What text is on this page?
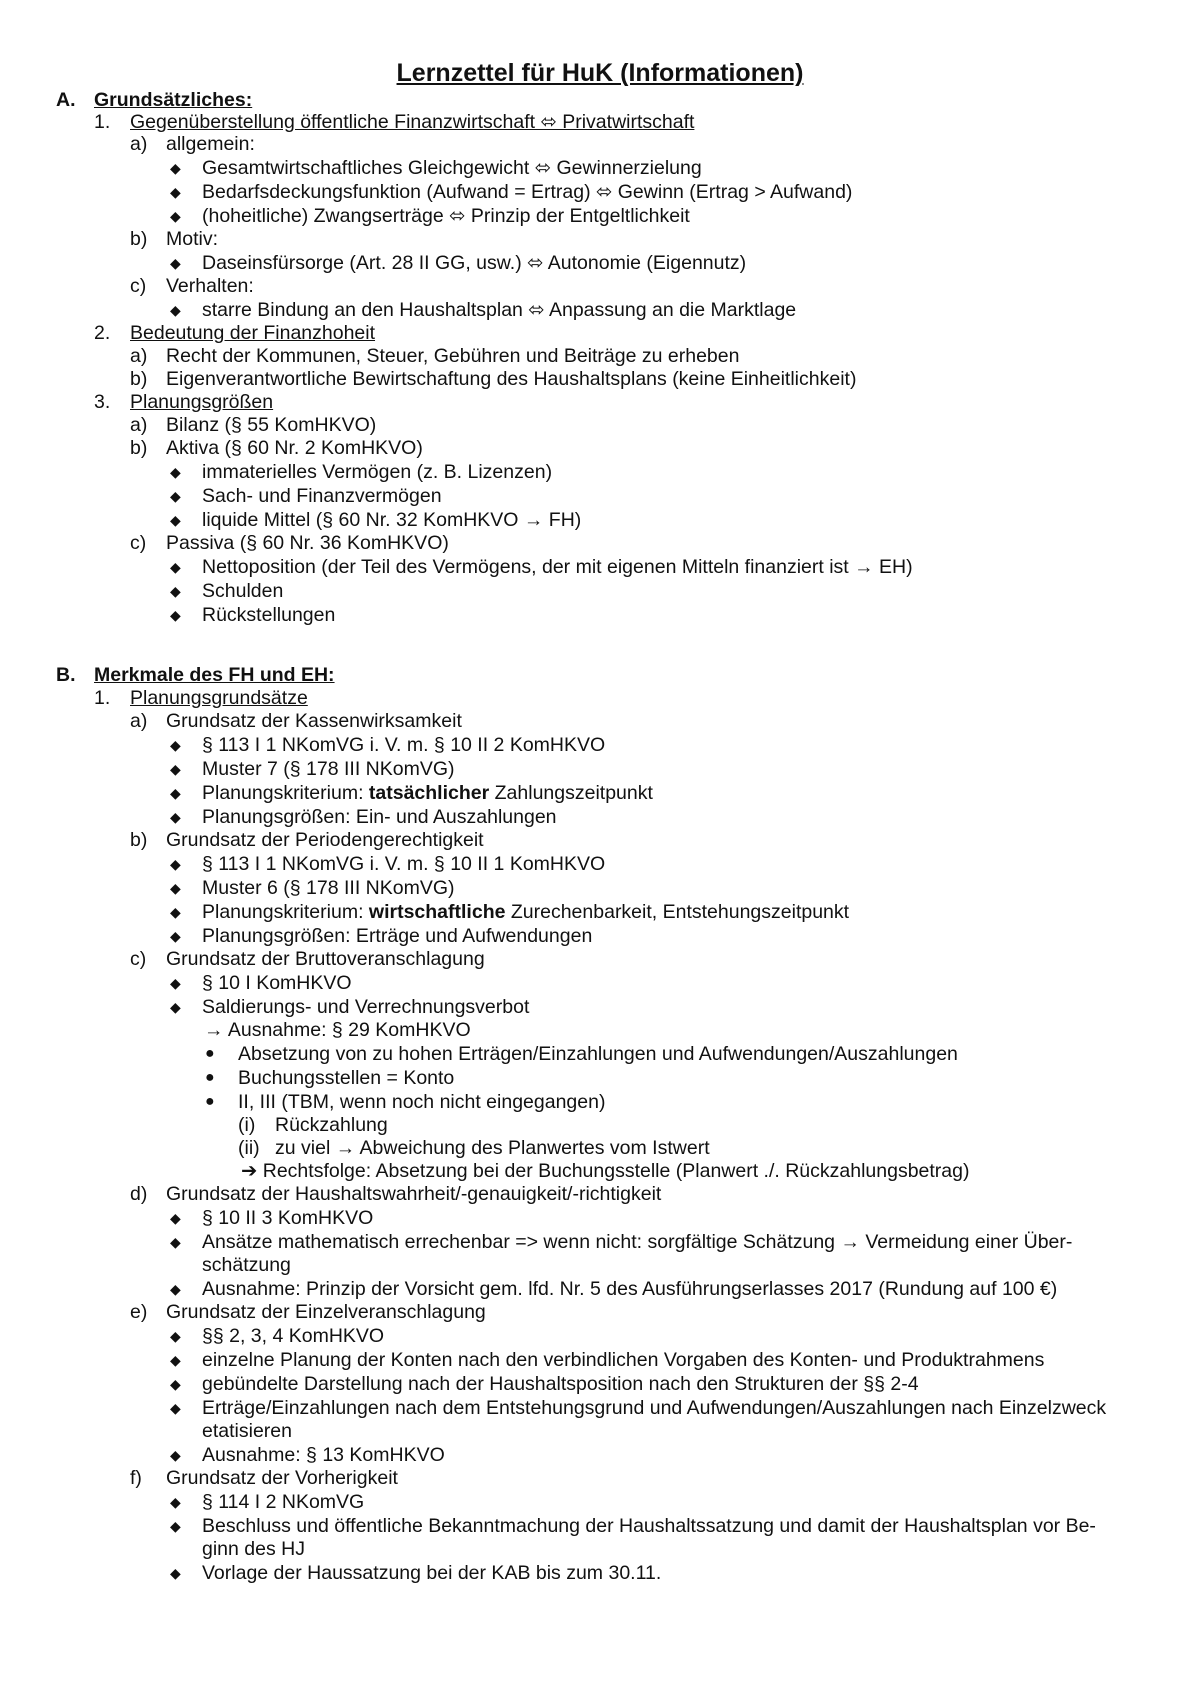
Lernzettel für HuK (Informationen)
A. Grundsätzliches:
1. Gegenüberstellung öffentliche Finanzwirtschaft ⬄ Privatwirtschaft
a) allgemein:
◆ Gesamtwirtschaftliches Gleichgewicht ⬄ Gewinnerzielung
◆ Bedarfsdeckungsfunktion (Aufwand = Ertrag) ⬄ Gewinn (Ertrag > Aufwand)
◆ (hoheitliche) Zwangserträge ⬄ Prinzip der Entgeltlichkeit
b) Motiv:
◆ Daseinsfürsorge (Art. 28 II GG, usw.) ⬄ Autonomie (Eigennutz)
c) Verhalten:
◆ starre Bindung an den Haushaltsplan ⬄ Anpassung an die Marktlage
2. Bedeutung der Finanzhoheit
a) Recht der Kommunen, Steuer, Gebühren und Beiträge zu erheben
b) Eigenverantwortliche Bewirtschaftung des Haushaltsplans (keine Einheitlichkeit)
3. Planungsgrößen
a) Bilanz (§ 55 KomHKVO)
b) Aktiva (§ 60 Nr. 2 KomHKVO)
◆ immaterielles Vermögen (z. B. Lizenzen)
◆ Sach- und Finanzvermögen
◆ liquide Mittel (§ 60 Nr. 32 KomHKVO → FH)
c) Passiva (§ 60 Nr. 36 KomHKVO)
◆ Nettoposition (der Teil des Vermögens, der mit eigenen Mitteln finanziert ist → EH)
◆ Schulden
◆ Rückstellungen
B. Merkmale des FH und EH:
1. Planungsgrundsätze
a) Grundsatz der Kassenwirksamkeit
◆ § 113 I 1 NKomVG i. V. m. § 10 II 2 KomHKVO
◆ Muster 7 (§ 178 III NKomVG)
◆ Planungskriterium: tatsächlicher Zahlungszeitpunkt
◆ Planungsgrößen: Ein- und Auszahlungen
b) Grundsatz der Periodengerechtigkeit
◆ § 113 I 1 NKomVG i. V. m. § 10 II 1 KomHKVO
◆ Muster 6 (§ 178 III NKomVG)
◆ Planungskriterium: wirtschaftliche Zurechenbarkeit, Entstehungszeitpunkt
◆ Planungsgrößen: Erträge und Aufwendungen
c) Grundsatz der Bruttoveranschlagung
◆ § 10 I KomHKVO
◆ Saldierungs- und Verrechnungsverbot
→ Ausnahme: § 29 KomHKVO
● Absetzung von zu hohen Erträgen/Einzahlungen und Aufwendungen/Auszahlungen
● Buchungsstellen = Konto
● II, III (TBM, wenn noch nicht eingegangen)
(i) Rückzahlung
(ii) zu viel → Abweichung des Planwertes vom Istwert
➔ Rechtsfolge: Absetzung bei der Buchungsstelle (Planwert ./. Rückzahlungsbetrag)
d) Grundsatz der Haushaltswahrheit/-genauigkeit/-richtigkeit
◆ § 10 II 3 KomHKVO
◆ Ansätze mathematisch errechenbar => wenn nicht: sorgfältige Schätzung → Vermeidung einer Über-
schätzung
◆ Ausnahme: Prinzip der Vorsicht gem. lfd. Nr. 5 des Ausführungserlasses 2017 (Rundung auf 100 €)
e) Grundsatz der Einzelveranschlagung
◆ §§ 2, 3, 4 KomHKVO
◆ einzelne Planung der Konten nach den verbindlichen Vorgaben des Konten- und Produktrahmens
◆ gebündelte Darstellung nach der Haushaltsposition nach den Strukturen der §§ 2-4
◆ Erträge/Einzahlungen nach dem Entstehungsgrund und Aufwendungen/Auszahlungen nach Einzelzweck
etatisieren
◆ Ausnahme: § 13 KomHKVO
f) Grundsatz der Vorherigkeit
◆ § 114 I 2 NKomVG
◆ Beschluss und öffentliche Bekanntmachung der Haushaltssatzung und damit der Haushaltsplan vor Be-
ginn des HJ
◆ Vorlage der Haussatzung bei der KAB bis zum 30.11.
